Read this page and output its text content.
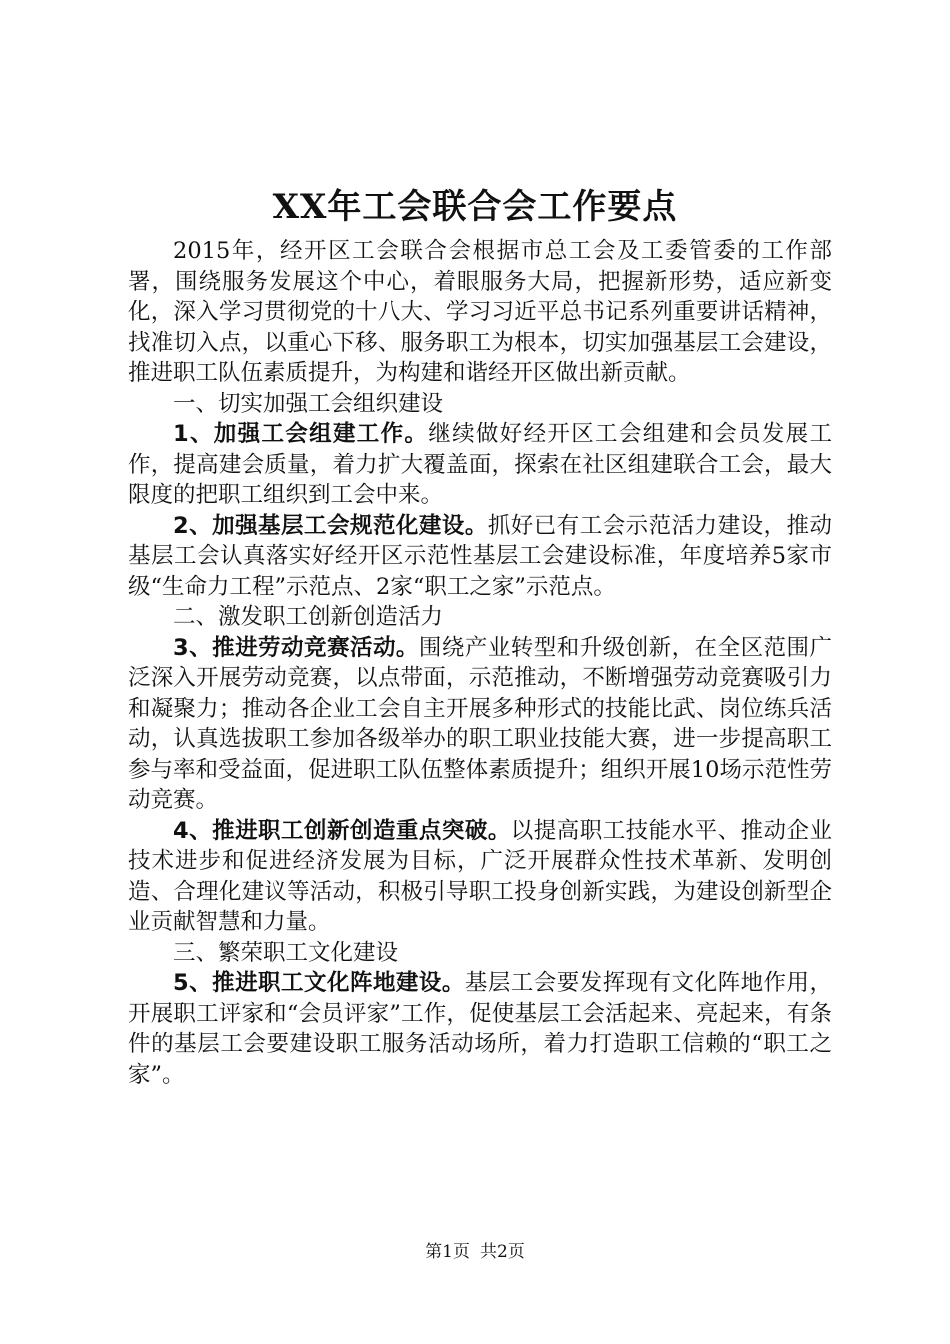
XX年工会联合会工作要点

2015年，经开区工会联合会根据市总工会及工委管委的工作部署，围绕服务发展这个中心，着眼服务大局，把握新形势，适应新变化，深入学习贯彻党的十八大、学习习近平总书记系列重要讲话精神，找准切入点，以重心下移、服务职工为根本，切实加强基层工会建设，推进职工队伍素质提升，为构建和谐经开区做出新贡献。

一、切实加强工会组织建设

1、加强工会组建工作。继续做好经开区工会组建和会员发展工作，提高建会质量，着力扩大覆盖面，探索在社区组建联合工会，最大限度的把职工组织到工会中来。

2、加强基层工会规范化建设。抓好已有工会示范活力建设，推动基层工会认真落实好经开区示范性基层工会建设标准，年度培养5家市级“生命力工程”示范点、2家“职工之家”示范点。

二、激发职工创新创造活力

3、推进劳动竞赛活动。围绕产业转型和升级创新，在全区范围广泛深入开展劳动竞赛，以点带面，示范推动，不断增强劳动竞赛吸引力和凝聚力；推动各企业工会自主开展多种形式的技能比武、岗位练兵活动，认真选拔职工参加各级举办的职工职业技能大赛，进一步提高职工参与率和受益面，促进职工队伍整体素质提升；组织开展10场示范性劳动竞赛。

4、推进职工创新创造重点突破。以提高职工技能水平、推动企业技术进步和促进经济发展为目标，广泛开展群众性技术革新、发明创造、合理化建议等活动，积极引导职工投身创新实践，为建设创新型企业贡献智慧和力量。

三、繁荣职工文化建设

5、推进职工文化阵地建设。基层工会要发挥现有文化阵地作用，开展职工评家和“会员评家”工作，促使基层工会活起来、亮起来，有条件的基层工会要建设职工服务活动场所，着力打造职工信赖的“职工之家”。

第1页 共2页
